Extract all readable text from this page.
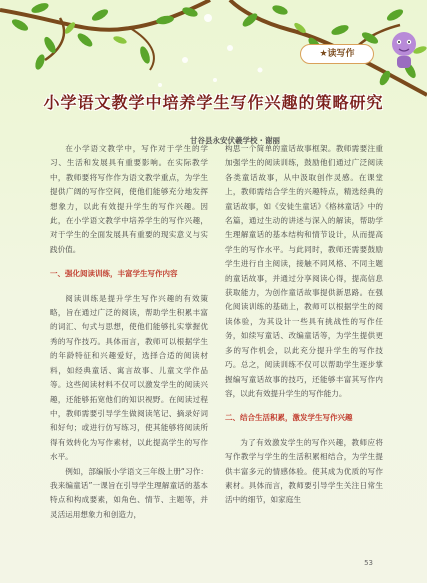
★读写作
小学语文教学中培养学生写作兴趣的策略研究
甘谷县永安伏羲学校・谢丽

在小学语文教学中，写作对于学生的学习、生活和发展具有重要影响。在实际教学中，教师要将写作作为语文教学重点，为学生提供广阔的写作空间，使他们能够充分地发挥想象力，以此有效提升学生的写作兴趣。因此，在小学语文教学中培养学生的写作兴趣，对于学生的全面发展具有重要的现实意义与实践价值。

一、强化阅读训练，丰富学生写作内容

阅读训练是提升学生写作兴趣的有效策略，旨在通过广泛的阅读，帮助学生积累丰富的词汇、句式与思想，使他们能够扎实掌握优秀的写作技巧。具体而言，教师可以根据学生的年龄特征和兴趣爱好，选择合适的阅读材料，如经典童话、寓言故事、儿童文学作品等。这些阅读材料不仅可以激发学生的阅读兴趣，还能够拓宽他们的知识视野。在阅读过程中，教师需要引导学生做阅读笔记、摘录好词和好句；或进行仿写练习，使其能够将阅读所得有效转化为写作素材，以此提高学生的写作水平。

例如，部编版小学语文三年级上册“习作：我来编童话”一课旨在引导学生理解童话的基本特点和构成要素，如角色、情节、主题等，并灵活运用想象力和创造力，

构思一个简单的童话故事框架。教师需要注重加强学生的阅读训练，鼓励他们通过广泛阅读各类童话故事，从中汲取创作灵感。在课堂上，教师需结合学生的兴趣特点，精选经典的童话故事，如《安徒生童话》《格林童话》中的名篇，通过生动的讲述与深入的解读，帮助学生理解童话的基本结构和情节设计，从而提高学生的写作水平。与此同时，教师还需要鼓励学生进行自主阅读，接触不同风格、不同主题的童话故事，并通过分享阅读心得，提高信息获取能力，为创作童话故事提供新思路。在强化阅读训练的基础上，教师可以根据学生的阅读体验，为其设计一些具有挑战性的写作任务，如续写童话、改编童话等，为学生提供更多的写作机会，以此充分提升学生的写作技巧。总之，阅读训练不仅可以帮助学生逐步掌握编写童话故事的技巧，还能够丰富其写作内容，以此有效提升学生的写作能力。

二、结合生活积累，激发学生写作兴趣

为了有效激发学生的写作兴趣，教师应将写作教学与学生的生活积累相结合，为学生提供丰富多元的情感体验。使其成为优质的写作素材。具体而言，教师要引导学生关注日常生活中的细节，如家庭生

53
